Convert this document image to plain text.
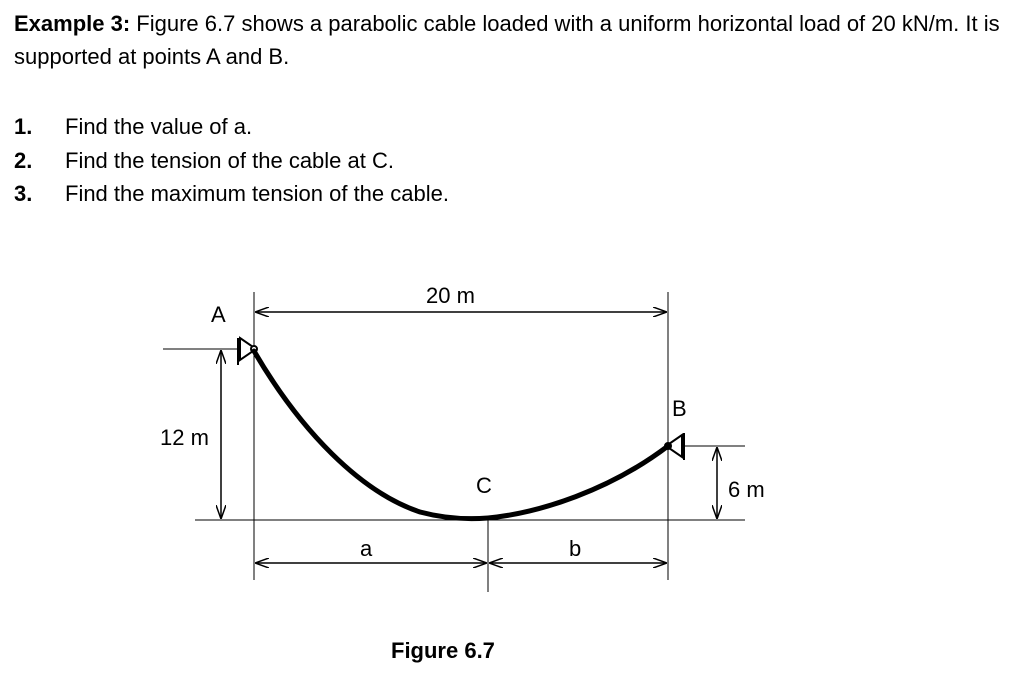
Example 3: Figure 6.7 shows a parabolic cable loaded with a uniform horizontal load of 20 kN/m. It is supported at points A and B.
1. Find the value of a.
2. Find the tension of the cable at C.
3. Find the maximum tension of the cable.
A
B
C
20 m
12 m
6 m
a	b
Figure 6.7
